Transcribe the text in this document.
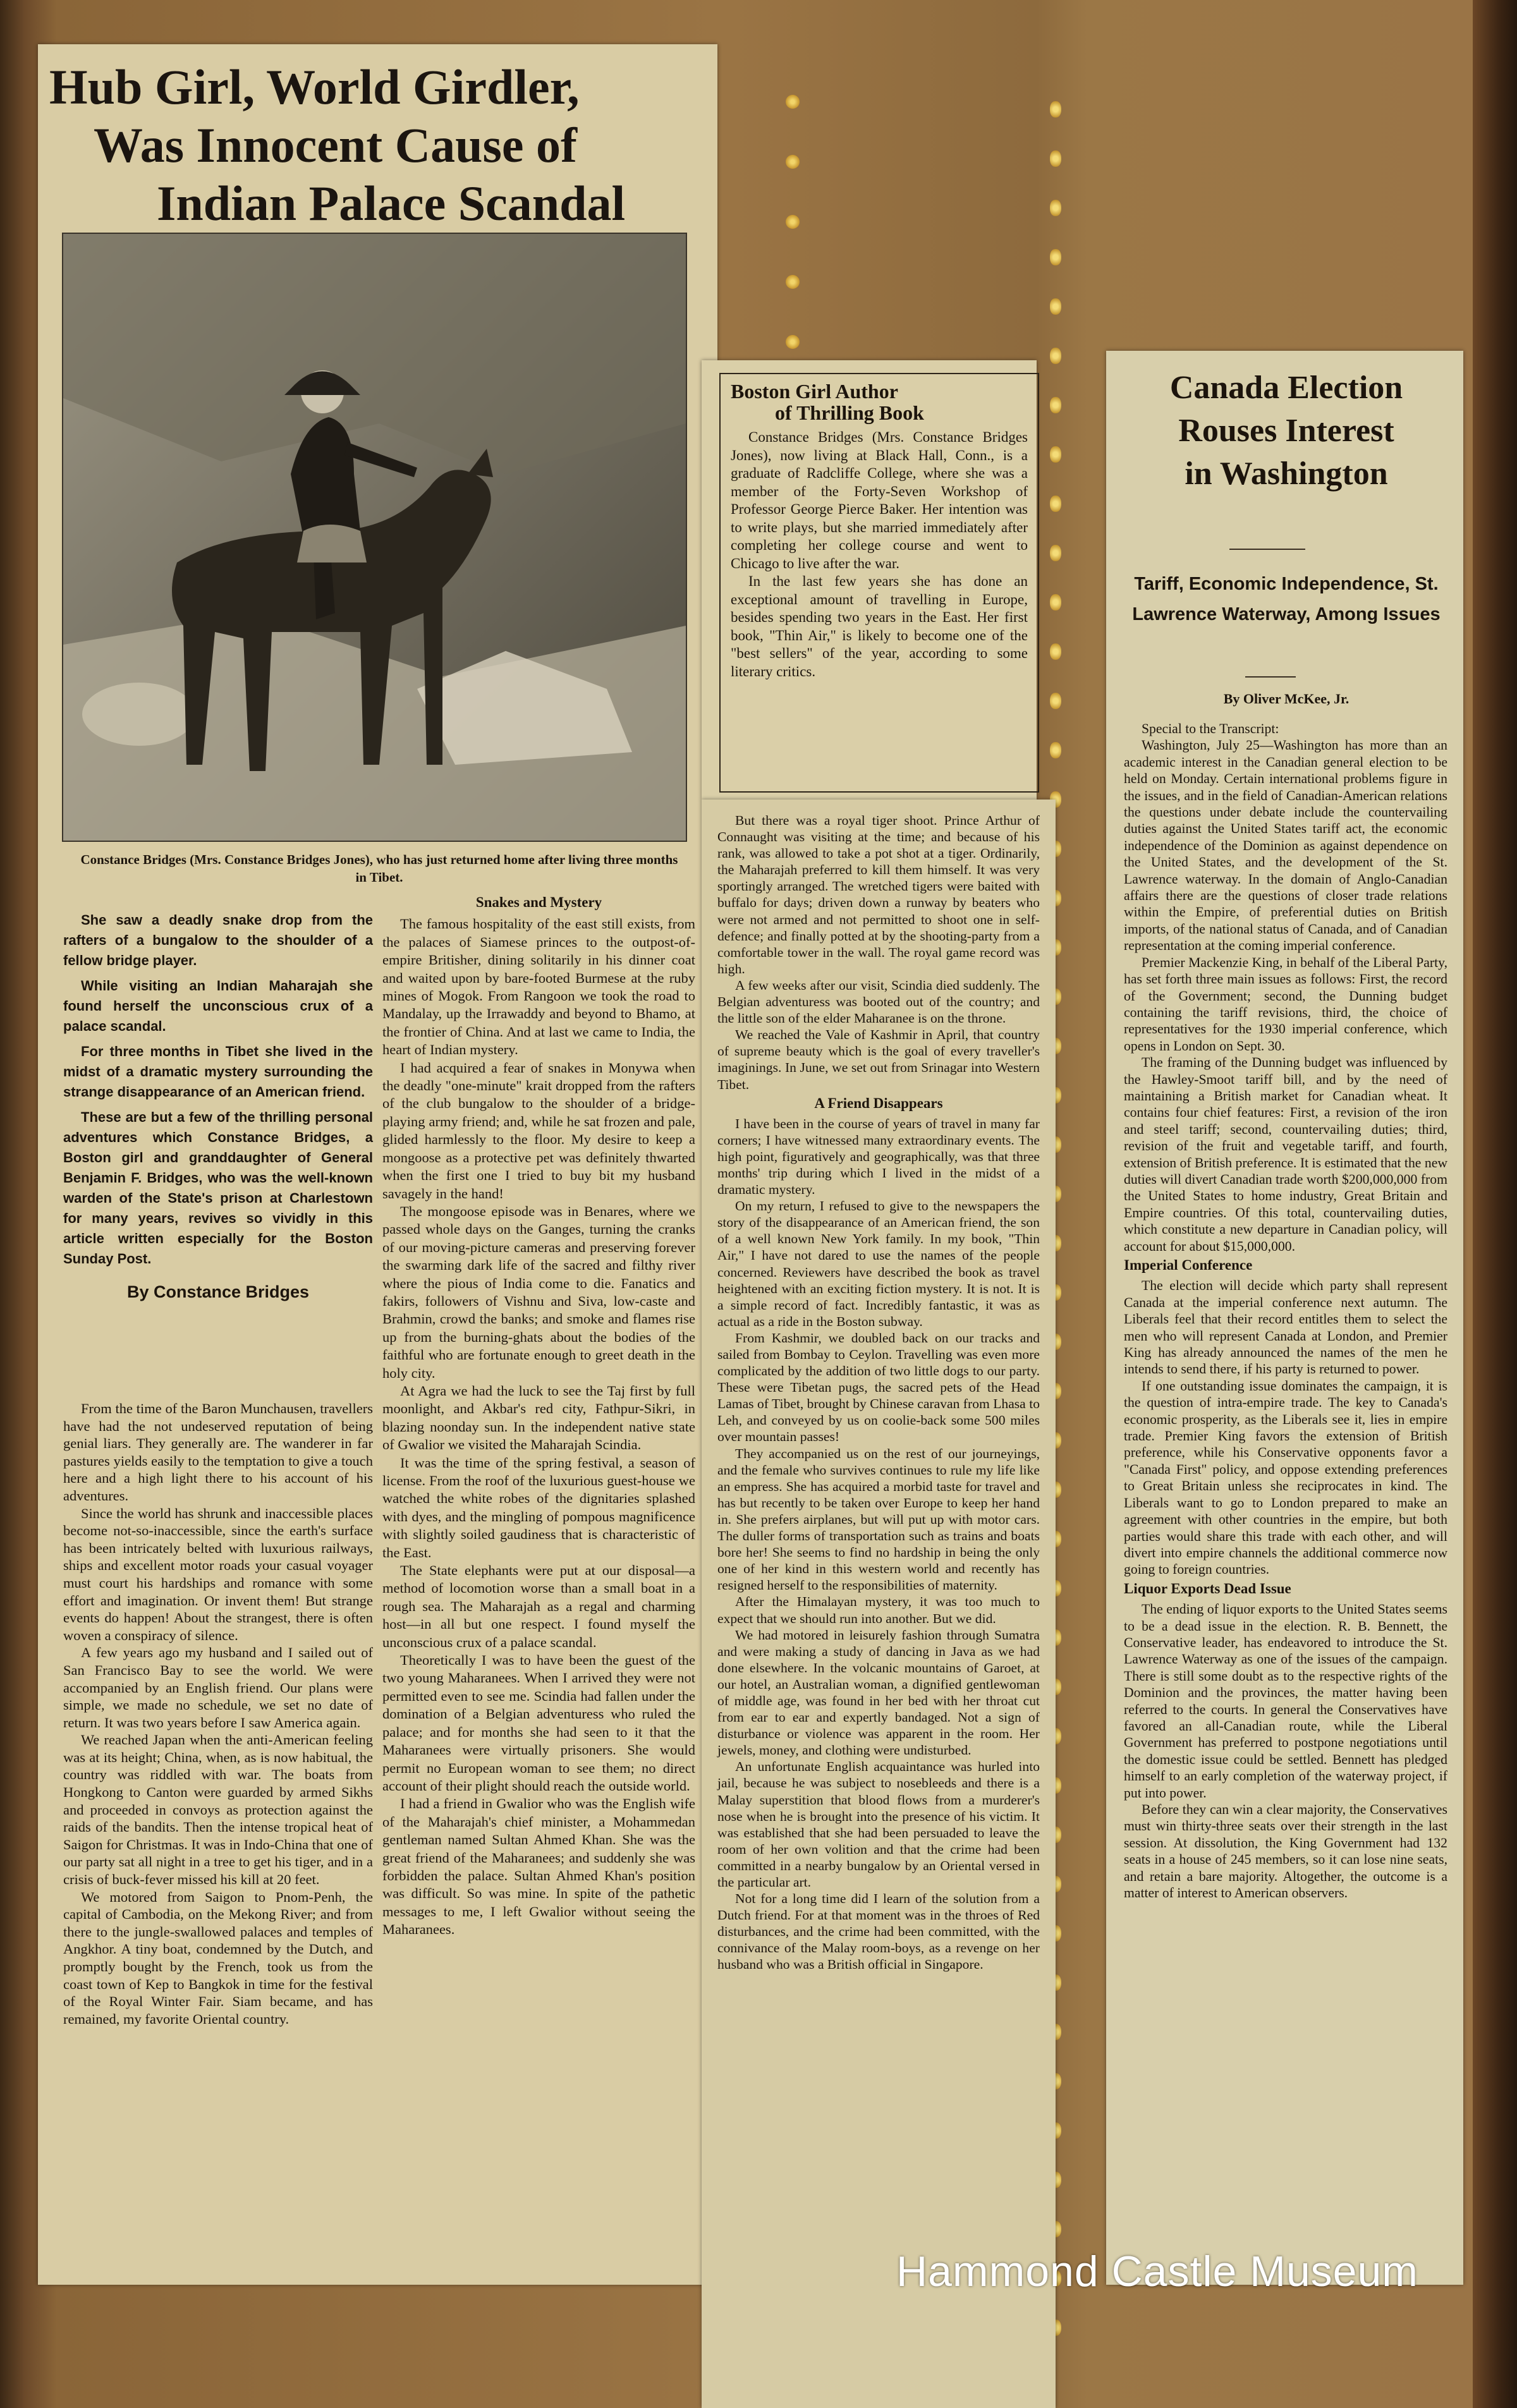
Hub Girl, World Girdler,
Was Innocent Cause of
Indian Palace Scandal
Constance Bridges (Mrs. Constance Bridges Jones), who has just returned home after living three months in Tibet.

She saw a deadly snake drop from the rafters of a bungalow to the shoulder of a fellow bridge player.

While visiting an Indian Maharajah she found herself the unconscious crux of a palace scandal.

For three months in Tibet she lived in the midst of a dramatic mystery surrounding the strange disappearance of an American friend.

These are but a few of the thrilling personal adventures which Constance Bridges, a Boston girl and granddaughter of General Benjamin F. Bridges, who was the well-known warden of the State's prison at Charlestown for many years, revives so vividly in this article written especially for the Boston Sunday Post.

By Constance Bridges

From the time of the Baron Munchausen, travellers have had the not undeserved reputation of being genial liars. They generally are. The wanderer in far pastures yields easily to the temptation to give a touch here and a high light there to his account of his adventures.

Since the world has shrunk and inaccessible places become not-so-inaccessible, since the earth's surface has been intricately belted with luxurious railways, ships and excellent motor roads your casual voyager must court his hardships and romance with some effort and imagination. Or invent them! But strange events do happen! About the strangest, there is often woven a conspiracy of silence.

A few years ago my husband and I sailed out of San Francisco Bay to see the world. We were accompanied by an English friend. Our plans were simple, we made no schedule, we set no date of return. It was two years before I saw America again.

We reached Japan when the anti-American feeling was at its height; China, when, as is now habitual, the country was riddled with war. The boats from Hongkong to Canton were guarded by armed Sikhs and proceeded in convoys as protection against the raids of the bandits. Then the intense tropical heat of Saigon for Christmas. It was in Indo-China that one of our party sat all night in a tree to get his tiger, and in a crisis of buck-fever missed his kill at 20 feet.

We motored from Saigon to Pnom-Penh, the capital of Cambodia, on the Mekong River; and from there to the jungle-swallowed palaces and temples of Angkhor. A tiny boat, condemned by the Dutch, and promptly bought by the French, took us from the coast town of Kep to Bangkok in time for the festival of the Royal Winter Fair. Siam became, and has remained, my favorite Oriental country.

Snakes and Mystery

The famous hospitality of the east still exists, from the palaces of Siamese princes to the outpost-of-empire Britisher, dining solitarily in his dinner coat and waited upon by bare-footed Burmese at the ruby mines of Mogok. From Rangoon we took the road to Mandalay, up the Irrawaddy and beyond to Bhamo, at the frontier of China. And at last we came to India, the heart of Indian mystery.

I had acquired a fear of snakes in Monywa when the deadly "one-minute" krait dropped from the rafters of the club bungalow to the shoulder of a bridge-playing army friend; and, while he sat frozen and pale, glided harmlessly to the floor. My desire to keep a mongoose as a protective pet was definitely thwarted when the first one I tried to buy bit my husband savagely in the hand!

The mongoose episode was in Benares, where we passed whole days on the Ganges, turning the cranks of our moving-picture cameras and preserving forever the swarming dark life of the sacred and filthy river where the pious of India come to die. Fanatics and fakirs, followers of Vishnu and Siva, low-caste and Brahmin, crowd the banks; and smoke and flames rise up from the burning-ghats about the bodies of the faithful who are fortunate enough to greet death in the holy city.

At Agra we had the luck to see the Taj first by full moonlight, and Akbar's red city, Fathpur-Sikri, in blazing noonday sun. In the independent native state of Gwalior we visited the Maharajah Scindia.

It was the time of the spring festival, a season of license. From the roof of the luxurious guest-house we watched the white robes of the dignitaries splashed with dyes, and the mingling of pompous magnificence with slightly soiled gaudiness that is characteristic of the East.

The State elephants were put at our disposal—a method of locomotion worse than a small boat in a rough sea. The Maharajah as a regal and charming host—in all but one respect. I found myself the unconscious crux of a palace scandal.

Theoretically I was to have been the guest of the two young Maharanees. When I arrived they were not permitted even to see me. Scindia had fallen under the domination of a Belgian adventuress who ruled the palace; and for months she had seen to it that the Maharanees were virtually prisoners. She would permit no European woman to see them; no direct account of their plight should reach the outside world.

I had a friend in Gwalior who was the English wife of the Maharajah's chief minister, a Mohammedan gentleman named Sultan Ahmed Khan. She was the great friend of the Maharanees; and suddenly she was forbidden the palace. Sultan Ahmed Khan's position was difficult. So was mine. In spite of the pathetic messages to me, I left Gwalior without seeing the Maharanees.

Boston Girl Author
of Thrilling Book

Constance Bridges (Mrs. Constance Bridges Jones), now living at Black Hall, Conn., is a graduate of Radcliffe College, where she was a member of the Forty-Seven Workshop of Professor George Pierce Baker. Her intention was to write plays, but she married immediately after completing her college course and went to Chicago to live after the war.

In the last few years she has done an exceptional amount of travelling in Europe, besides spending two years in the East. Her first book, "Thin Air," is likely to become one of the "best sellers" of the year, according to some literary critics.

But there was a royal tiger shoot. Prince Arthur of Connaught was visiting at the time; and because of his rank, was allowed to take a pot shot at a tiger. Ordinarily, the Maharajah preferred to kill them himself. It was very sportingly arranged. The wretched tigers were baited with buffalo for days; driven down a runway by beaters who were not armed and not permitted to shoot one in self-defence; and finally potted at by the shooting-party from a comfortable tower in the wall. The royal game record was high.

A few weeks after our visit, Scindia died suddenly. The Belgian adventuress was booted out of the country; and the little son of the elder Maharanee is on the throne.

We reached the Vale of Kashmir in April, that country of supreme beauty which is the goal of every traveller's imaginings. In June, we set out from Srinagar into Western Tibet.

A Friend Disappears

I have been in the course of years of travel in many far corners; I have witnessed many extraordinary events. The high point, figuratively and geographically, was that three months' trip during which I lived in the midst of a dramatic mystery.

On my return, I refused to give to the newspapers the story of the disappearance of an American friend, the son of a well known New York family. In my book, "Thin Air," I have not dared to use the names of the people concerned. Reviewers have described the book as travel heightened with an exciting fiction mystery. It is not. It is a simple record of fact. Incredibly fantastic, it was as actual as a ride in the Boston subway.

From Kashmir, we doubled back on our tracks and sailed from Bombay to Ceylon. Travelling was even more complicated by the addition of two little dogs to our party. These were Tibetan pugs, the sacred pets of the Head Lamas of Tibet, brought by Chinese caravan from Lhasa to Leh, and conveyed by us on coolie-back some 500 miles over mountain passes!

They accompanied us on the rest of our journeyings, and the female who survives continues to rule my life like an empress. She has acquired a morbid taste for travel and has but recently to be taken over Europe to keep her hand in. She prefers airplanes, but will put up with motor cars. The duller forms of transportation such as trains and boats bore her! She seems to find no hardship in being the only one of her kind in this western world and recently has resigned herself to the responsibilities of maternity.

After the Himalayan mystery, it was too much to expect that we should run into another. But we did.

We had motored in leisurely fashion through Sumatra and were making a study of dancing in Java as we had done elsewhere. In the volcanic mountains of Garoet, at our hotel, an Australian woman, a dignified gentlewoman of middle age, was found in her bed with her throat cut from ear to ear and expertly bandaged. Not a sign of disturbance or violence was apparent in the room. Her jewels, money, and clothing were undisturbed.

An unfortunate English acquaintance was hurled into jail, because he was subject to nosebleeds and there is a Malay superstition that blood flows from a murderer's nose when he is brought into the presence of his victim. It was established that she had been persuaded to leave the room of her own volition and that the crime had been committed in a nearby bungalow by an Oriental versed in the particular art.

Not for a long time did I learn of the solution from a Dutch friend. For at that moment was in the throes of Red disturbances, and the crime had been committed, with the connivance of the Malay room-boys, as a revenge on her husband who was a British official in Singapore.

Canada Election
Rouses Interest
in Washington
Tariff, Economic Independence, St. Lawrence Waterway, Among Issues
By Oliver McKee, Jr.

Special to the Transcript:

Washington, July 25—Washington has more than an academic interest in the Canadian general election to be held on Monday. Certain international problems figure in the issues, and in the field of Canadian-American relations the questions under debate include the countervailing duties against the United States tariff act, the economic independence of the Dominion as against dependence on the United States, and the development of the St. Lawrence waterway. In the domain of Anglo-Canadian affairs there are the questions of closer trade relations within the Empire, of preferential duties on British imports, of the national status of Canada, and of Canadian representation at the coming imperial conference.

Premier Mackenzie King, in behalf of the Liberal Party, has set forth three main issues as follows: First, the record of the Government; second, the Dunning budget containing the tariff revisions, third, the choice of representatives for the 1930 imperial conference, which opens in London on Sept. 30.

The framing of the Dunning budget was influenced by the Hawley-Smoot tariff bill, and by the need of maintaining a British market for Canadian wheat. It contains four chief features: First, a revision of the iron and steel tariff; second, countervailing duties; third, revision of the fruit and vegetable tariff, and fourth, extension of British preference. It is estimated that the new duties will divert Canadian trade worth $200,000,000 from the United States to home industry, Great Britain and Empire countries. Of this total, countervailing duties, which constitute a new departure in Canadian policy, will account for about $15,000,000.

Imperial Conference

The election will decide which party shall represent Canada at the imperial conference next autumn. The Liberals feel that their record entitles them to select the men who will represent Canada at London, and Premier King has already announced the names of the men he intends to send there, if his party is returned to power.

If one outstanding issue dominates the campaign, it is the question of intra-empire trade. The key to Canada's economic prosperity, as the Liberals see it, lies in empire trade. Premier King favors the extension of British preference, while his Conservative opponents favor a "Canada First" policy, and oppose extending preferences to Great Britain unless she reciprocates in kind. The Liberals want to go to London prepared to make an agreement with other countries in the empire, but both parties would share this trade with each other, and will divert into empire channels the additional commerce now going to foreign countries.

Liquor Exports Dead Issue

The ending of liquor exports to the United States seems to be a dead issue in the election. R. B. Bennett, the Conservative leader, has endeavored to introduce the St. Lawrence Waterway as one of the issues of the campaign. There is still some doubt as to the respective rights of the Dominion and the provinces, the matter having been referred to the courts. In general the Conservatives have favored an all-Canadian route, while the Liberal Government has preferred to postpone negotiations until the domestic issue could be settled. Bennett has pledged himself to an early completion of the waterway project, if put into power.

Before they can win a clear majority, the Conservatives must win thirty-three seats over their strength in the last session. At dissolution, the King Government had 132 seats in a house of 245 members, so it can lose nine seats, and retain a bare majority. Altogether, the outcome is a matter of interest to American observers.

Hammond Castle Museum
